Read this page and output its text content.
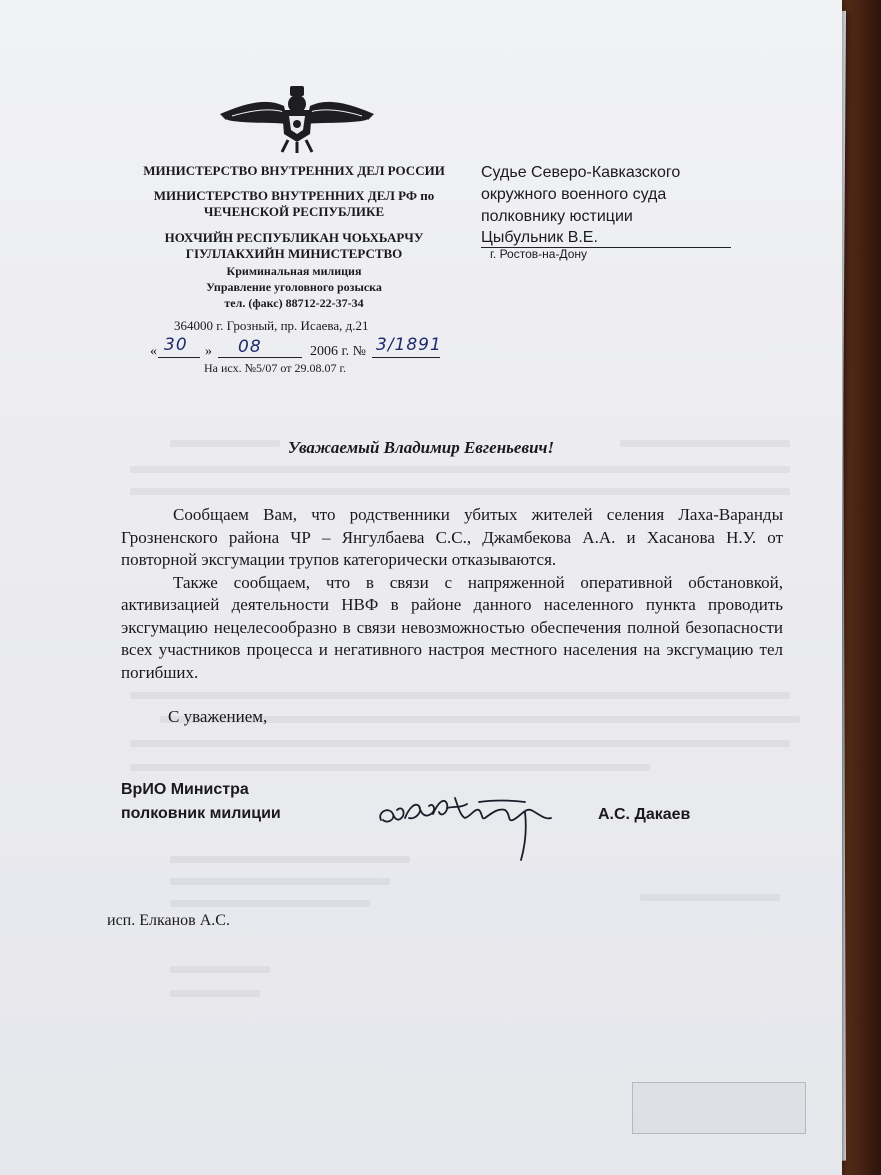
МИНИСТЕРСТВО ВНУТРЕННИХ ДЕЛ РОССИИ
МИНИСТЕРСТВО ВНУТРЕННИХ ДЕЛ РФ по
ЧЕЧЕНСКОЙ РЕСПУБЛИКЕ
НОХЧИЙН РЕСПУБЛИКАН ЧОЬХЬАРЧУ
ГIУЛЛАКХИЙН МИНИСТЕРСТВО
Криминальная милиция
Управление уголовного розыска
тел. (факс) 88712-22-37-34
364000 г. Грозный, пр. Исаева, д.21
« 30 » 08	2006 г. № 3/1891
На исх. №5/07 от 29.08.07 г.
Судье Северо-Кавказского
окружного военного суда
полковнику юстиции
Цыбульник В.Е.
г. Ростов-на-Дону
Уважаемый Владимир Евгеньевич!

Сообщаем Вам, что родственники убитых жителей селения Лаха-Варанды Грозненского района ЧР – Янгулбаева С.С., Джамбекова А.А. и Хасанова Н.У. от повторной эксгумации трупов категорически отказываются.

Также сообщаем, что в связи с напряженной оперативной обстановкой, активизацией деятельности НВФ в районе данного населенного пункта проводить эксгумацию нецелесообразно в связи невозможностью обеспечения полной безопасности всех участников процесса и негативного настроя местного населения на эксгумацию тел погибших.

С уважением,
ВрИО Министра
полковник милиции	А.С. Дакаев
исп. Елканов А.С.
